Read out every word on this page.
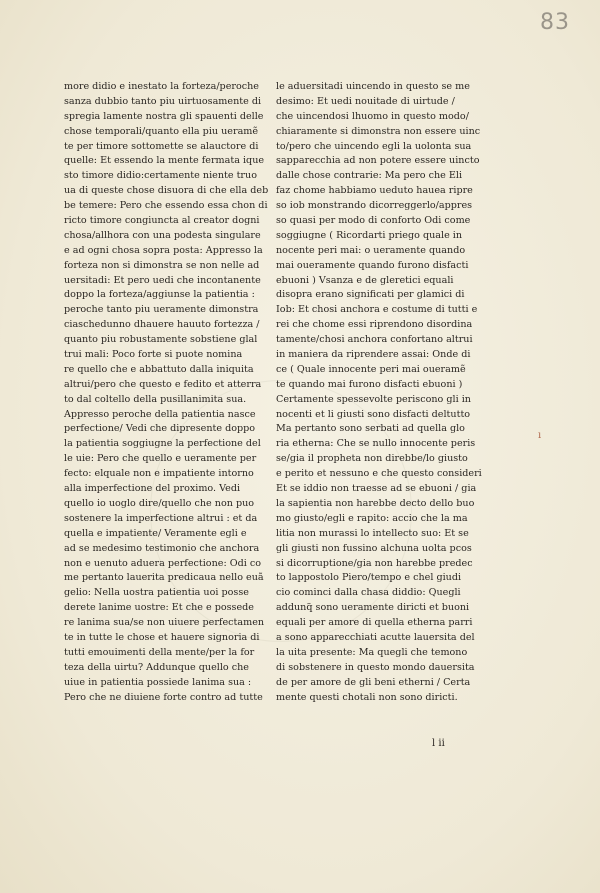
83
more didio e inestato la forteza/peroche
sanza dubbio tanto piu uirtuosamente di
spregia lamente nostra gli spauenti delle
chose temporali/quanto ella piu ueramẽ
te per timore sottomette se alauctore di
quelle: Et essendo la mente fermata ique
sto timore didio:certamente niente truo
ua di queste chose disuora di che ella deb
be temere: Pero che essendo essa chon di
ricto timore congiuncta al creator dogni
chosa/allhora con una podesta singulare
e ad ogni chosa sopra posta: Appresso la
forteza non si dimonstra se non nelle ad
uersitadi: Et pero uedi che incontanente
doppo la forteza/aggiunse la patientia :
peroche tanto piu ueramente dimonstra
ciaschedunno dhauere hauuto fortezza /
quanto piu robustamente sobstiene glal
trui mali: Poco forte si puote nomina
re quello che e abbattuto dalla iniquita
altrui/pero che questo e fedito et atterra
to dal coltello della pusillanimita sua.
Appresso peroche della patientia nasce
perfectione/ Vedi che dipresente doppo
la patientia soggiugne la perfectione del
le uie: Pero che quello e ueramente per
fecto: elquale non e impatiente intorno
alla imperfectione del proximo. Vedi
quello io uoglo dire/quello che non puo
sostenere la imperfectione altrui : et da
quella e impatiente/ Veramente egli e
ad se medesimo testimonio che anchora
non e uenuto aduera perfectione: Odi co
me pertanto lauerita predicaua nello euã
gelio: Nella uostra patientia uoi posse
derete lanime uostre: Et che e possede
re lanima sua/se non uiuere perfectamen
te in tutte le chose et hauere signoria di
tutti emouimenti della mente/per la for
teza della uirtu? Addunque quello che
uiue in patientia possiede lanima sua :
Pero che ne diuiene forte contro ad tutte
le aduersitadi uincendo in questo se me
desimo: Et uedi nouitade di uirtude /
che uincendosi lhuomo in questo modo/
chiaramente si dimonstra non essere uinc
to/pero che uincendo egli la uolonta sua
sapparecchia ad non potere essere uincto
dalle chose contrarie: Ma pero che Eli
faz chome habbiamo ueduto hauea ripre
so iob monstrando dicorreggerlo/appres
so quasi per modo di conforto Odi come
soggiugne ( Ricordarti priego quale in
nocente peri mai: o ueramente quando
mai oueramente quando furono disfacti
ebuoni ) Vsanza e de gleretici equali
disopra erano significati per glamici di
Iob: Et chosi anchora e costume di tutti e
rei che chome essi riprendono disordina
tamente/chosi anchora confortano altrui
in maniera da riprendere assai: Onde di
ce ( Quale innocente peri mai oueramẽ
te quando mai furono disfacti ebuoni )
Certamente spessevolte periscono gli in
nocenti et li giusti sono disfacti deltutto
Ma pertanto sono serbati ad quella glo
ria etherna: Che se nullo innocente peris
se/gia il propheta non direbbe/lo giusto
e perito et nessuno e che questo consideri
Et se iddio non traesse ad se ebuoni / gia
la sapientia non harebbe decto dello buo
mo giusto/egli e rapito: accio che la ma
litia non murassi lo intellecto suo: Et se
gli giusti non fussino alchuna uolta pcos
si dicorruptione/gia non harebbe predec
to lappostolo Piero/tempo e chel giudi
cio cominci dalla chasa diddio: Quegli
addunq̃ sono ueramente diricti et buoni
equali per amore di quella etherna parri
a sono apparecchiati acutte lauersita del
la uita presente: Ma quegli che temono
di sobstenere in questo mondo dauersita
de per amore de gli beni etherni / Certa
mente questi chotali non sono diricti.
ı
l ii
